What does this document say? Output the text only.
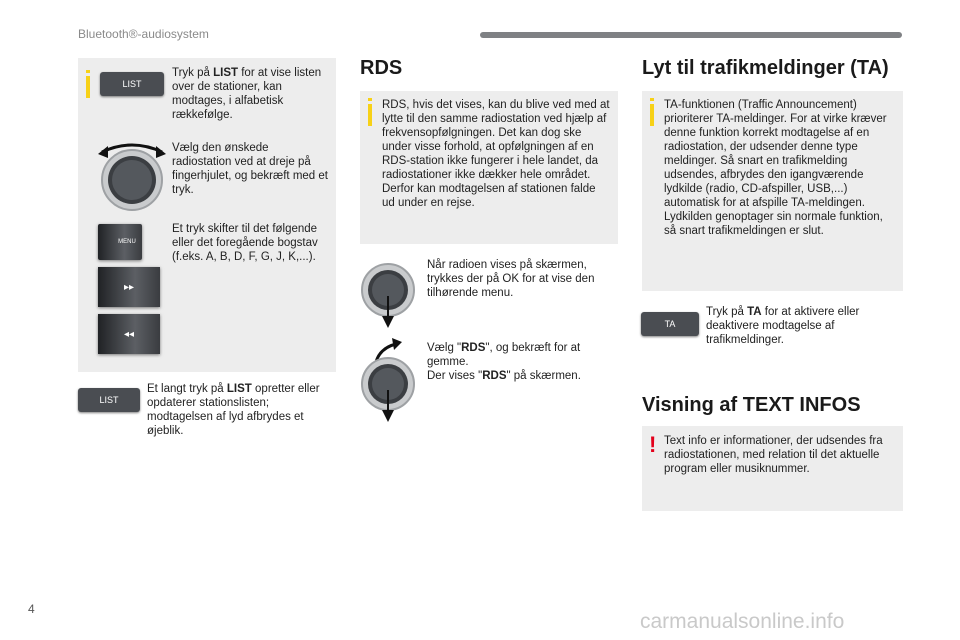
Bluetooth®-audiosystem
LIST
Tryk på LIST for at vise listen over de stationer, kan modtages, i alfabetisk rækkefølge.
Vælg den ønskede radiostation ved at dreje på fingerhjulet, og bekræft med et tryk.
MENU
▸▸
◂◂
Et tryk skifter til det følgende eller det foregående bogstav (f.eks. A, B, D, F, G, J, K,...).
LIST
Et langt tryk på LIST opretter eller opdaterer stationslisten; modtagelsen af lyd afbrydes et øjeblik.
RDS
RDS, hvis det vises, kan du blive ved med at lytte til den samme radiostation ved hjælp af frekvensopfølgningen. Det kan dog ske under visse forhold, at opfølgningen af en RDS-station ikke fungerer i hele landet, da radiostationer ikke dækker hele området. Derfor kan modtagelsen af stationen falde ud under en rejse.
Når radioen vises på skærmen, trykkes der på OK for at vise den tilhørende menu.
Vælg "RDS", og bekræft for at gemme.
Der vises "RDS" på skærmen.
Lyt til trafikmeldinger (TA)
TA-funktionen (Traffic Announcement) prioriterer TA-meldinger. For at virke kræver denne funktion korrekt modtagelse af en radiostation, der udsender denne type meldinger. Så snart en trafikmelding udsendes, afbrydes den igangværende lydkilde (radio, CD-afspiller, USB,...) automatisk for at afspille TA-meldingen. Lydkilden genoptager sin normale funktion, så snart trafikmeldingen er slut.
TA
Tryk på TA for at aktivere eller deaktivere modtagelse af trafikmeldinger.
Visning af TEXT INFOS
! Text info er informationer, der udsendes fra radiostationen, med relation til det aktuelle program eller musiknummer.
4
carmanualsonline.info
